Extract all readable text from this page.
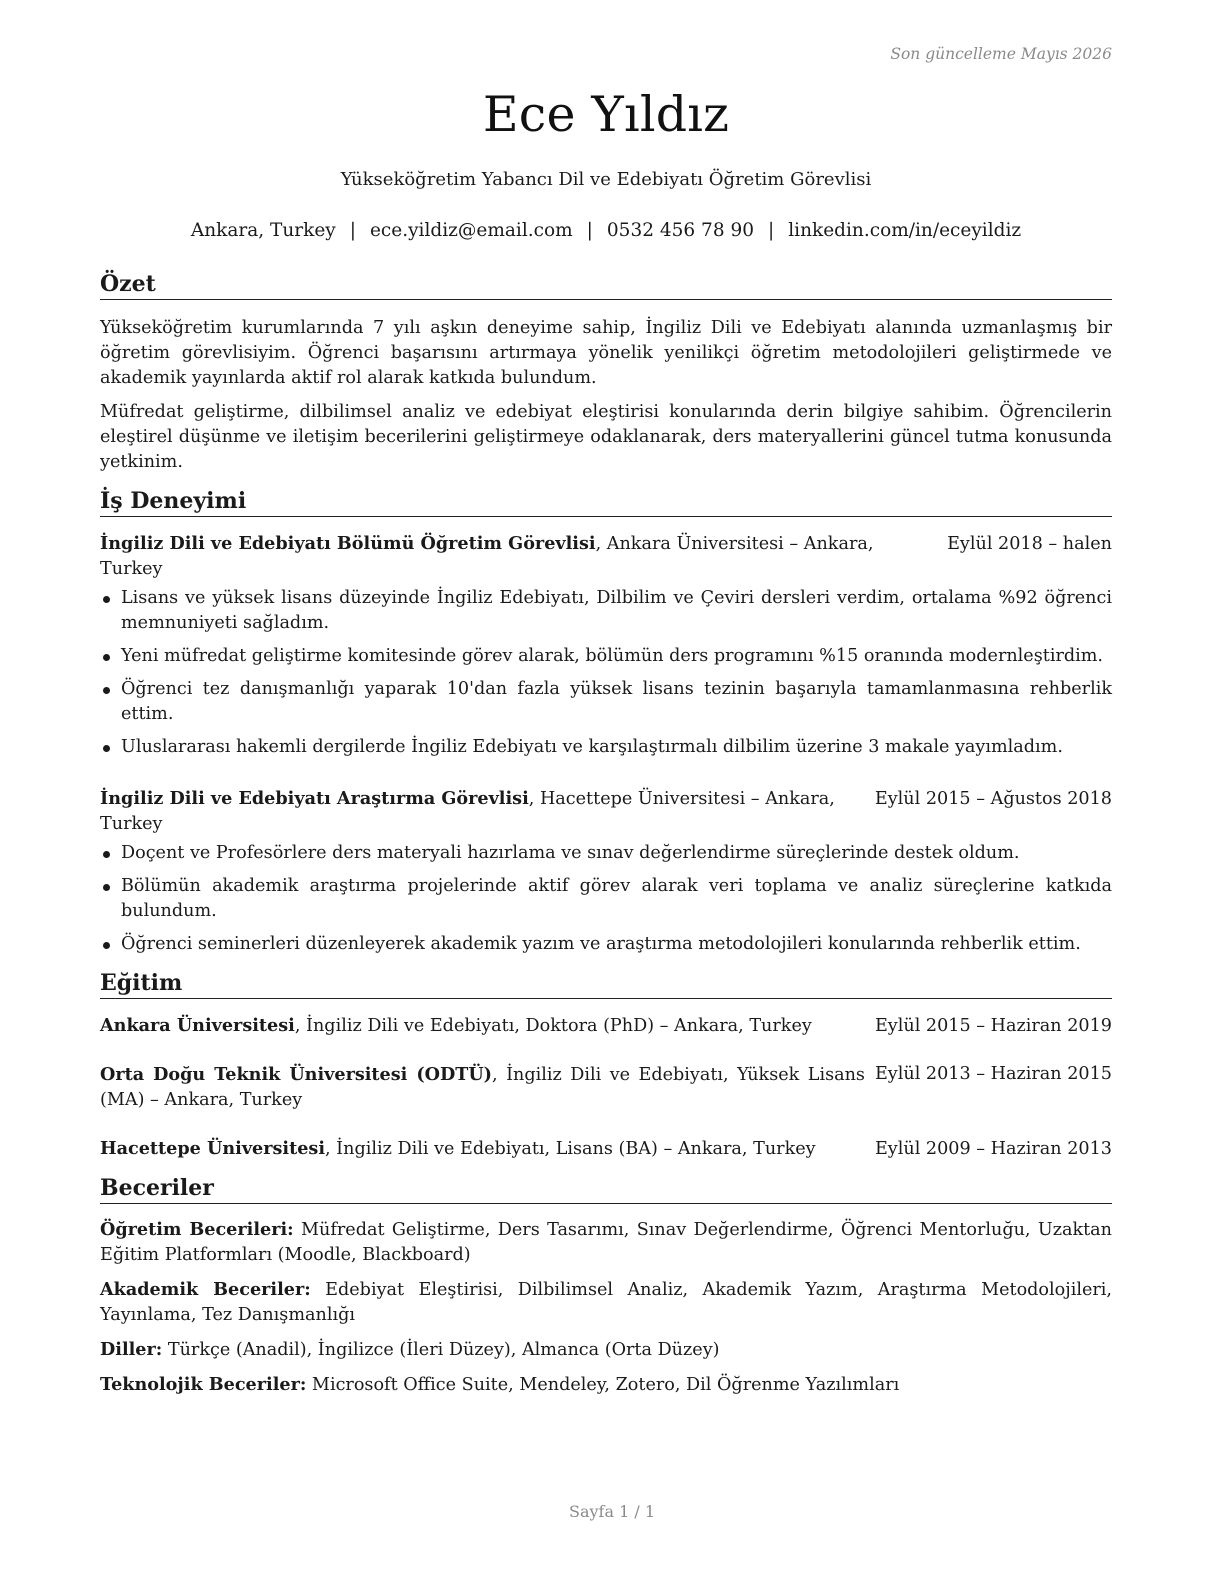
Son güncelleme Mayıs 2026
Ece Yıldız
Yükseköğretim Yabancı Dil ve Edebiyatı Öğretim Görevlisi
Ankara, Turkey | ece.yildiz@email.com | 0532 456 78 90 | linkedin.com/in/eceyildiz
Özet

Yükseköğretim kurumlarında 7 yılı aşkın deneyime sahip, İngiliz Dili ve Edebiyatı alanında uzmanlaşmış bir öğretim görevlisiyim. Öğrenci başarısını artırmaya yönelik yenilikçi öğretim metodolojileri geliştirmede ve akademik yayınlarda aktif rol alarak katkıda bulundum.

Müfredat geliştirme, dilbilimsel analiz ve edebiyat eleştirisi konularında derin bilgiye sahibim. Öğrencilerin eleştirel düşünme ve iletişim becerilerini geliştirmeye odaklanarak, ders materyallerini güncel tutma konusunda yetkinim.

İş Deneyimi
İngiliz Dili ve Edebiyatı Bölümü Öğretim Görevlisi, Ankara Üniversitesi – Ankara, Turkey
Eylül 2018 – halen
Lisans ve yüksek lisans düzeyinde İngiliz Edebiyatı, Dilbilim ve Çeviri dersleri verdim, ortalama %92 öğrenci memnuniyeti sağladım.
Yeni müfredat geliştirme komitesinde görev alarak, bölümün ders programını %15 oranında modernleştirdim.
Öğrenci tez danışmanlığı yaparak 10'dan fazla yüksek lisans tezinin başarıyla tamamlanmasına rehberlik ettim.
Uluslararası hakemli dergilerde İngiliz Edebiyatı ve karşılaştırmalı dilbilim üzerine 3 makale yayımladım.
İngiliz Dili ve Edebiyatı Araştırma Görevlisi, Hacettepe Üniversitesi – Ankara, Turkey
Eylül 2015 – Ağustos 2018
Doçent ve Profesörlere ders materyali hazırlama ve sınav değerlendirme süreçlerinde destek oldum.
Bölümün akademik araştırma projelerinde aktif görev alarak veri toplama ve analiz süreçlerine katkıda bulundum.
Öğrenci seminerleri düzenleyerek akademik yazım ve araştırma metodolojileri konularında rehberlik ettim.
Eğitim
Ankara Üniversitesi, İngiliz Dili ve Edebiyatı, Doktora (PhD) – Ankara, Turkey	Eylül 2015 – Haziran 2019
Orta Doğu Teknik Üniversitesi (ODTÜ), İngiliz Dili ve Edebiyatı, Yüksek Lisans (MA) – Ankara, Turkey
Eylül 2013 – Haziran 2015
Hacettepe Üniversitesi, İngiliz Dili ve Edebiyatı, Lisans (BA) – Ankara, Turkey	Eylül 2009 – Haziran 2013
Beceriler

Öğretim Becerileri: Müfredat Geliştirme, Ders Tasarımı, Sınav Değerlendirme, Öğrenci Mentorluğu, Uzaktan Eğitim Platformları (Moodle, Blackboard)

Akademik Beceriler: Edebiyat Eleştirisi, Dilbilimsel Analiz, Akademik Yazım, Araştırma Metodolojileri, Yayınlama, Tez Danışmanlığı

Diller: Türkçe (Anadil), İngilizce (İleri Düzey), Almanca (Orta Düzey)

Teknolojik Beceriler: Microsoft Office Suite, Mendeley, Zotero, Dil Öğrenme Yazılımları

Sayfa 1 / 1
